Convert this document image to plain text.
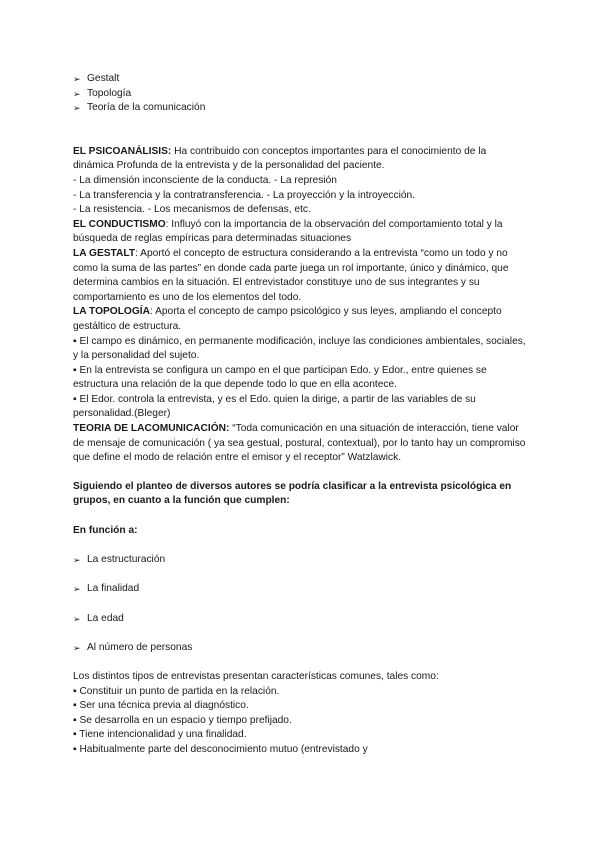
➢ Gestalt
➢ Topología
➢ Teoría de la comunicación

EL PSICOANÁLISIS: Ha contribuido con conceptos importantes para el conocimiento de la dinámica Profunda de la entrevista y de la personalidad del paciente.

- La dimensión inconsciente de la conducta. - La represión

- La transferencia y la contratransferencia. - La proyección y la introyección.

- La resistencia. - Los mecanismos de defensas, etc.

EL CONDUCTISMO: Influyó con la importancia de la observación del comportamiento total y la búsqueda de reglas empíricas para determinadas situaciones

LA GESTALT: Aportó el concepto de estructura considerando a la entrevista “como un todo y no como la suma de las partes” en donde cada parte juega un rol importante, único y dinámico, que determina cambios en la situación. El entrevistador constituye uno de sus integrantes y su comportamiento es uno de los elementos del todo.

LA TOPOLOGÍA: Aporta el concepto de campo psicológico y sus leyes, ampliando el concepto gestáltico de estructura.

▪ El campo es dinámico, en permanente modificación, incluye las condiciones ambientales, sociales, y la personalidad del sujeto.

▪ En la entrevista se configura un campo en el que participan Edo. y Edor., entre quienes se estructura una relación de la que depende todo lo que en ella acontece.

▪ El Edor. controla la entrevista, y es el Edo. quien la dirige, a partir de las variables de su personalidad.(Bleger)

TEORIA DE LACOMUNICACIÓN: “Toda comunicación en una situación de interacción, tiene valor de mensaje de comunicación ( ya sea gestual, postural, contextual), por lo tanto hay un compromiso que define el modo de relación entre el emisor y el receptor” Watzlawick.

Siguiendo el planteo de diversos autores se podría clasificar a la entrevista psicológica en grupos, en cuanto a la función que cumplen:

En función a:

➢ La estructuración
➢ La finalidad
➢ La edad
➢ Al número de personas

Los distintos tipos de entrevistas presentan características comunes, tales como:

▪ Constituir un punto de partida en la relación.

▪ Ser una técnica previa al diagnóstico.

▪ Se desarrolla en un espacio y tiempo prefijado.

▪ Tiene intencionalidad y una finalidad.

▪ Habitualmente parte del desconocimiento mutuo (entrevistado y
